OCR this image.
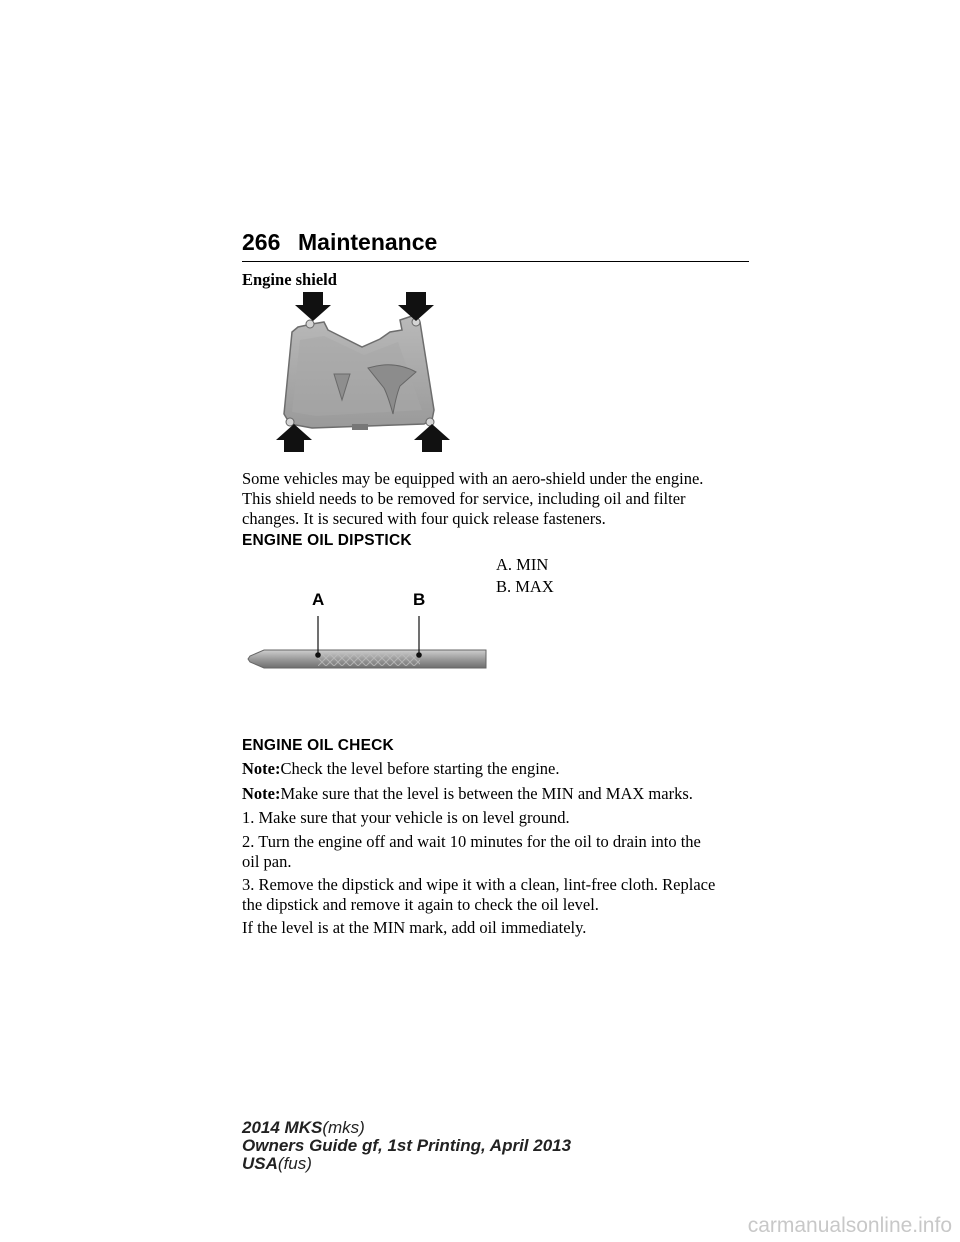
266 Maintenance
Engine shield
Some vehicles may be equipped with an aero-shield under the engine.
This shield needs to be removed for service, including oil and filter
changes. It is secured with four quick release fasteners.
ENGINE OIL DIPSTICK
A. MIN
B. MAX
A	B
ENGINE OIL CHECK
Note:Check the level before starting the engine.
Note:Make sure that the level is between the MIN and MAX marks.
1. Make sure that your vehicle is on level ground.
2. Turn the engine off and wait 10 minutes for the oil to drain into the
oil pan.
3. Remove the dipstick and wipe it with a clean, lint-free cloth. Replace
the dipstick and remove it again to check the oil level.
If the level is at the MIN mark, add oil immediately.
2014 MKS(mks)
Owners Guide gf, 1st Printing, April 2013
USA(fus)
carmanualsonline.info
